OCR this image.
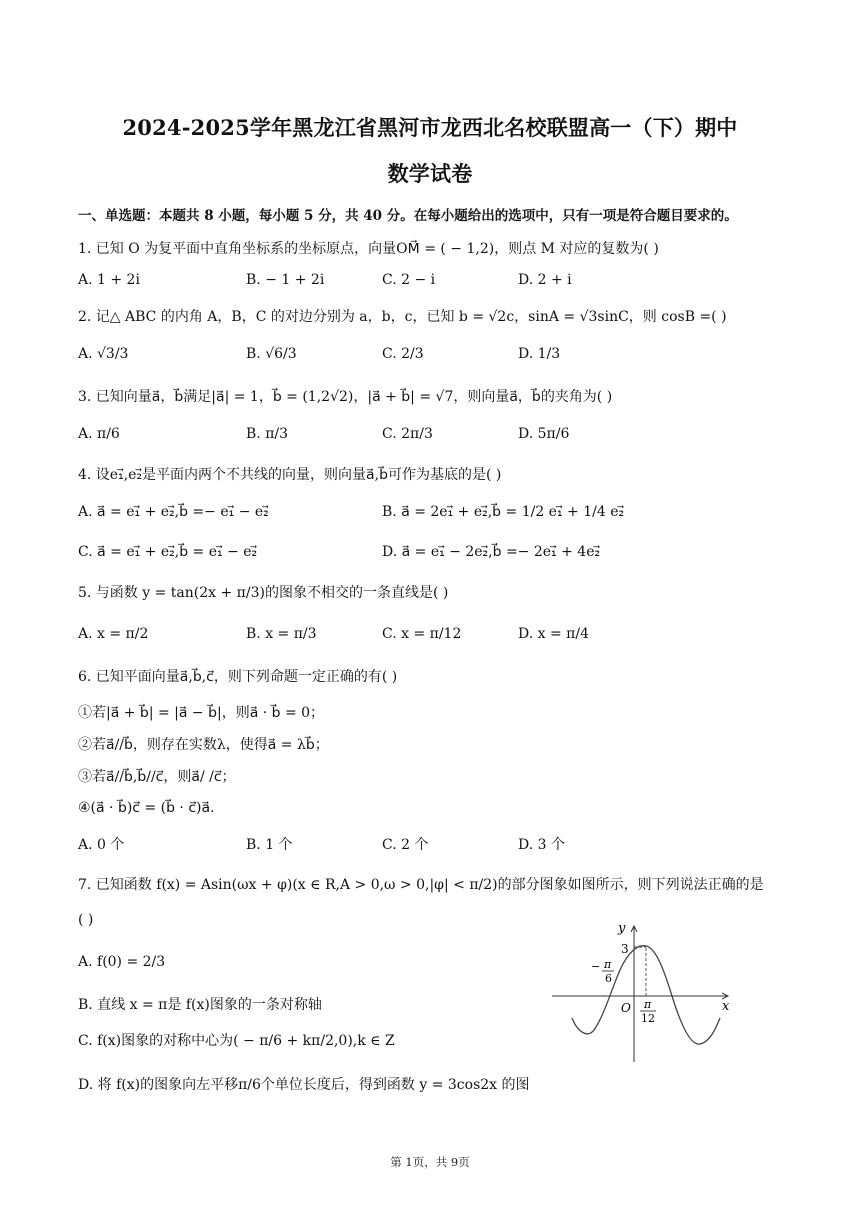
2024-2025学年黑龙江省黑河市龙西北名校联盟高一（下）期中
数学试卷
一、单选题：本题共 8 小题，每小题 5 分，共 40 分。在每小题给出的选项中，只有一项是符合题目要求的。
1. 已知 O 为复平面中直角坐标系的坐标原点，向量OM⃗ = ( − 1,2)，则点 M 对应的复数为( )
A. 1 + 2i	B. − 1 + 2i	C. 2 − i	D. 2 + i
2. 记△ ABC 的内角 A，B，C 的对边分别为 a，b，c，已知 b = √2c，sinA = √3sinC，则 cosB =( )
A. √3/3	B. √6/3	C. 2/3	D. 1/3
3. 已知向量a⃗，b⃗满足|a⃗| = 1，b⃗ = (1,2√2)，|a⃗ + b⃗| = √7，则向量a⃗，b⃗的夹角为( )
A. π/6	B. π/3	C. 2π/3	D. 5π/6
4. 设e₁⃗,e₂⃗是平面内两个不共线的向量，则向量a⃗,b⃗可作为基底的是( )
A. a⃗ = e₁⃗ + e₂⃗,b⃗ =− e₁⃗ − e₂⃗	B. a⃗ = 2e₁⃗ + e₂⃗,b⃗ = 1/2 e₁⃗ + 1/4 e₂⃗
C. a⃗ = e₁⃗ + e₂⃗,b⃗ = e₁⃗ − e₂⃗	D. a⃗ = e₁⃗ − 2e₂⃗,b⃗ =− 2e₁⃗ + 4e₂⃗
5. 与函数 y = tan(2x + π/3)的图象不相交的一条直线是( )
A. x = π/2	B. x = π/3	C. x = π/12	D. x = π/4
6. 已知平面向量a⃗,b⃗,c⃗，则下列命题一定正确的有( )
①若|a⃗ + b⃗| = |a⃗ − b⃗|，则a⃗ · b⃗ = 0；
②若a⃗//b⃗，则存在实数λ，使得a⃗ = λb⃗；
③若a⃗//b⃗,b⃗//c⃗，则a⃗/ /c⃗；
④(a⃗ · b⃗)c⃗ = (b⃗ · c⃗)a⃗.
A. 0 个	B. 1 个	C. 2 个	D. 3 个
7. 已知函数 f(x) = Asin(ωx + φ)(x ∈ R,A > 0,ω > 0,|φ| < π/2)的部分图象如图所示，则下列说法正确的是
( )
A. f(0) = 2/3
B. 直线 x = π是 f(x)图象的一条对称轴
C. f(x)图象的对称中心为( − π/6 + kπ/2,0),k ∈ Z
D. 将 f(x)的图象向左平移π/6个单位长度后，得到函数 y = 3cos2x 的图
y
x
O
3
− π
6
π
12
第 1页，共 9页
